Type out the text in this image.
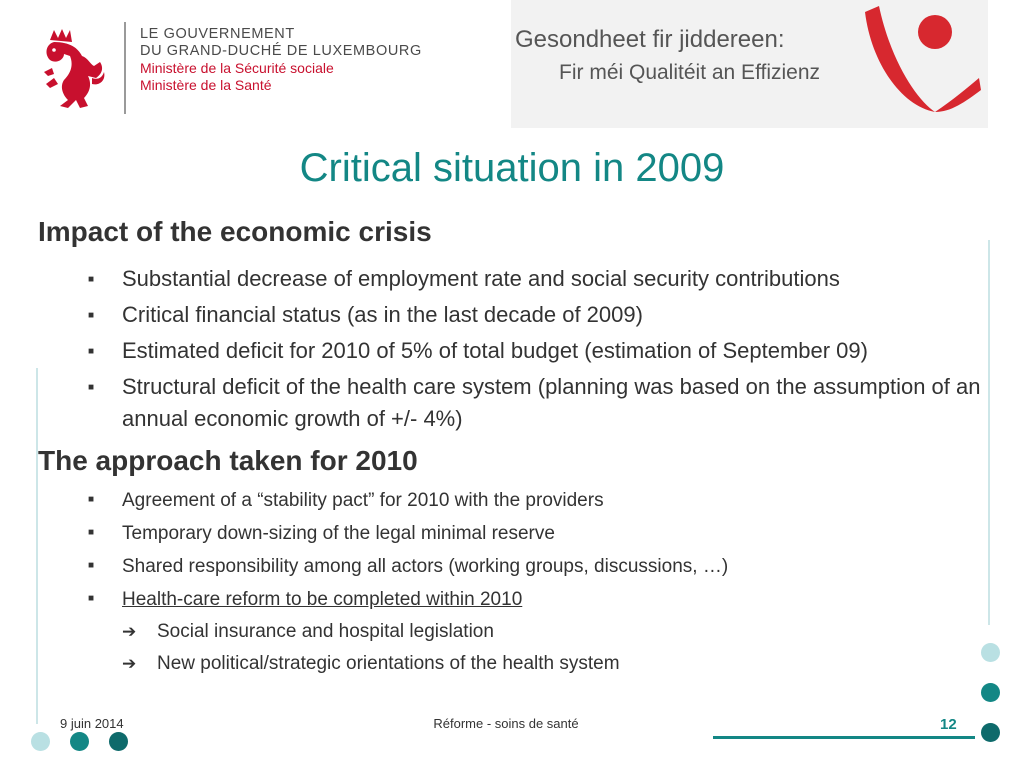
LE GOUVERNEMENT
DU GRAND-DUCHÉ DE LUXEMBOURG
Ministère de la Sécurité sociale
Ministère de la Santé
Gesondheet fir jiddereen:
Fir méi Qualitéit an Effizienz
Critical situation in 2009
Impact of the economic crisis
■ Substantial decrease of employment rate and social security contributions
■ Critical financial status (as in the last decade of 2009)
■ Estimated deficit for 2010 of 5% of total budget (estimation of September 09)
■ Structural deficit of the health care system (planning was based on the assumption of an annual economic growth of +/- 4%)
The approach taken for 2010
■ Agreement of a “stability pact” for 2010 with the providers
■ Temporary down-sizing of the legal minimal reserve
■ Shared responsibility among all actors (working groups, discussions, …)
■ Health-care reform to be completed within 2010
➔ Social insurance and hospital legislation
➔ New political/strategic orientations of the health system
9 juin 2014	Réforme - soins de santé	12
